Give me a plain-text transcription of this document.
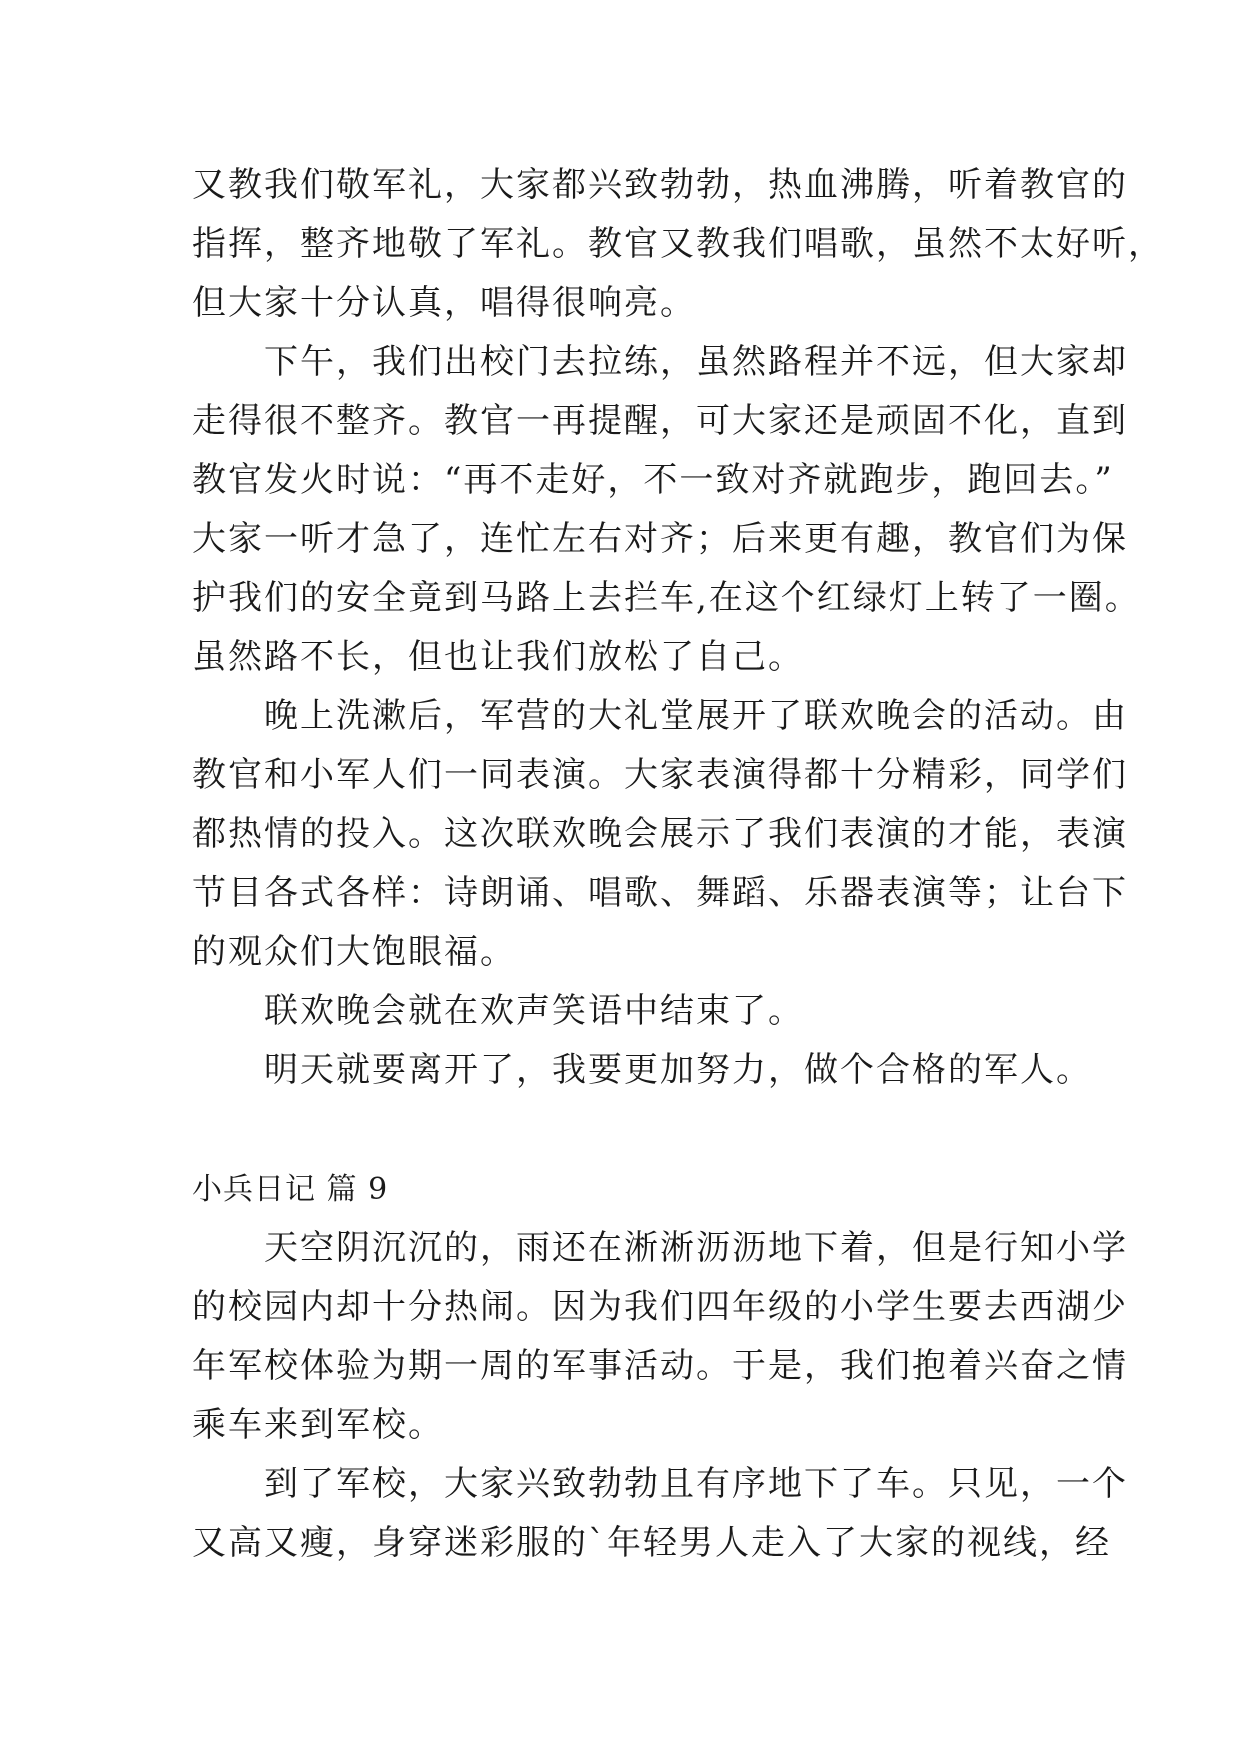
又教我们敬军礼，大家都兴致勃勃，热血沸腾，听着教官的
指挥，整齐地敬了军礼。教官又教我们唱歌，虽然不太好听，
但大家十分认真，唱得很响亮。
　　下午，我们出校门去拉练，虽然路程并不远，但大家却
走得很不整齐。教官一再提醒，可大家还是顽固不化，直到
教官发火时说：“再不走好，不一致对齐就跑步，跑回去。”
大家一听才急了，连忙左右对齐；后来更有趣，教官们为保
护我们的安全竟到马路上去拦车,在这个红绿灯上转了一圈。
虽然路不长，但也让我们放松了自己。
　　晚上洗漱后，军营的大礼堂展开了联欢晚会的活动。由
教官和小军人们一同表演。大家表演得都十分精彩，同学们
都热情的投入。这次联欢晚会展示了我们表演的才能，表演
节目各式各样：诗朗诵、唱歌、舞蹈、乐器表演等；让台下
的观众们大饱眼福。
　　联欢晚会就在欢声笑语中结束了。
　　明天就要离开了，我要更加努力，做个合格的军人。
小兵日记 篇 9
　　天空阴沉沉的，雨还在淅淅沥沥地下着，但是行知小学
的校园内却十分热闹。因为我们四年级的小学生要去西湖少
年军校体验为期一周的军事活动。于是，我们抱着兴奋之情
乘车来到军校。
　　到了军校，大家兴致勃勃且有序地下了车。只见，一个
又高又瘦，身穿迷彩服的`年轻男人走入了大家的视线，经
